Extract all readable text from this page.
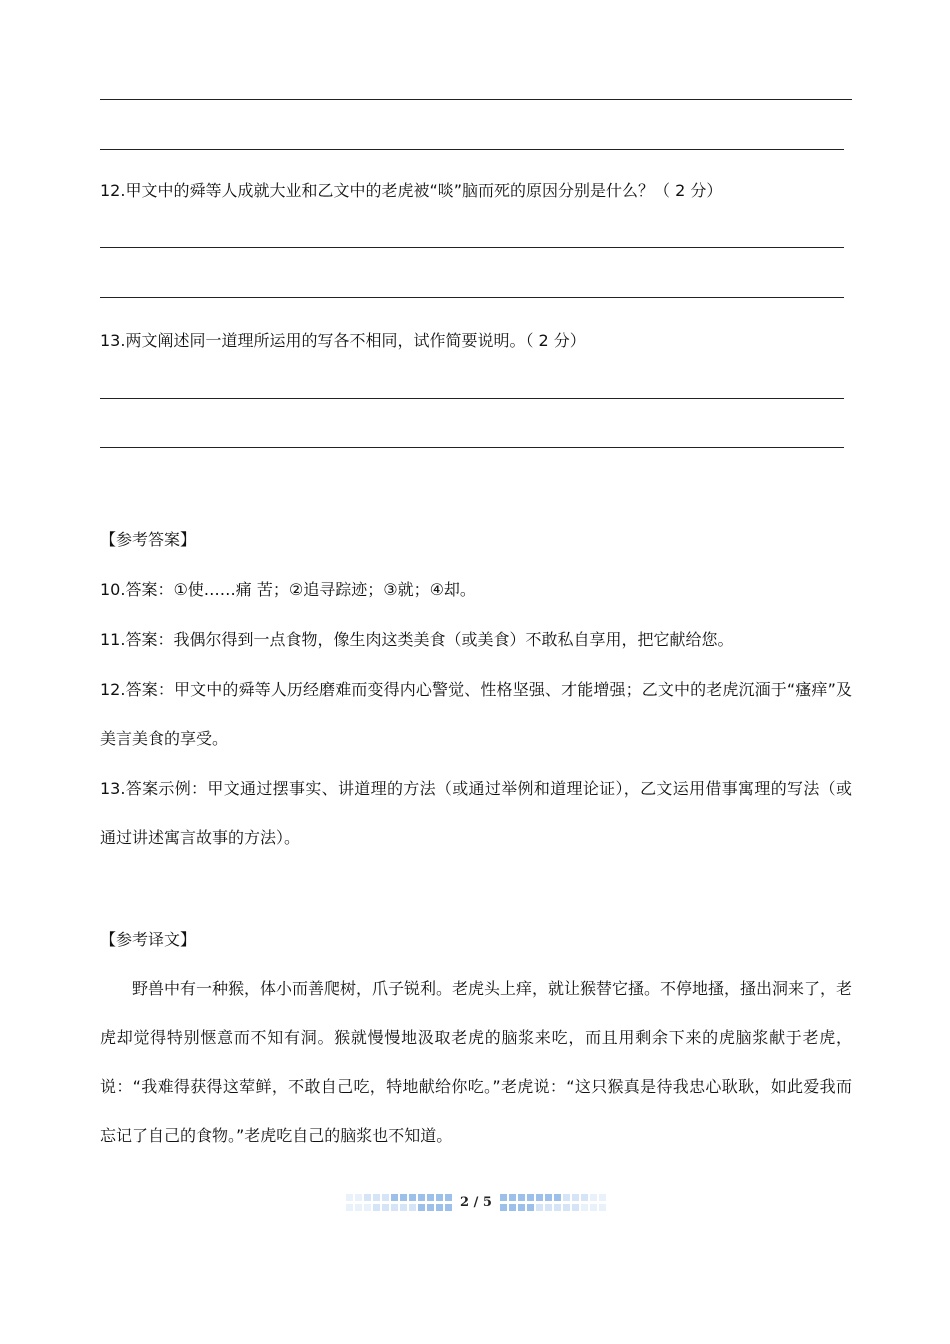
12.甲文中的舜等人成就大业和乙文中的老虎被“啖”脑而死的原因分别是什么？（ 2 分）
13.两文阐述同一道理所运用的写各不相同，试作简要说明。（ 2 分）
【参考答案】
10.答案：①使……痛 苦；②追寻踪迹；③就；④却。
11.答案：我偶尔得到一点食物，像生肉这类美食（或美食）不敢私自享用，把它献给您。
12.答案：甲文中的舜等人历经磨难而变得内心警觉、性格坚强、才能增强；乙文中的老虎沉湎于“瘙痒”及美言美食的享受。
13.答案示例：甲文通过摆事实、讲道理的方法（或通过举例和道理论证），乙文运用借事寓理的写法（或通过讲述寓言故事的方法）。
【参考译文】
野兽中有一种猴，体小而善爬树，爪子锐利。老虎头上痒，就让猴替它搔。不停地搔，搔出洞来了，老虎却觉得特别惬意而不知有洞。猴就慢慢地汲取老虎的脑浆来吃，而且用剩余下来的虎脑浆献于老虎，说：“我难得获得这荤鲜，不敢自己吃，特地献给你吃。”老虎说：“这只猴真是待我忠心耿耿，如此爱我而忘记了自己的食物。”老虎吃自己的脑浆也不知道。
2 / 5
